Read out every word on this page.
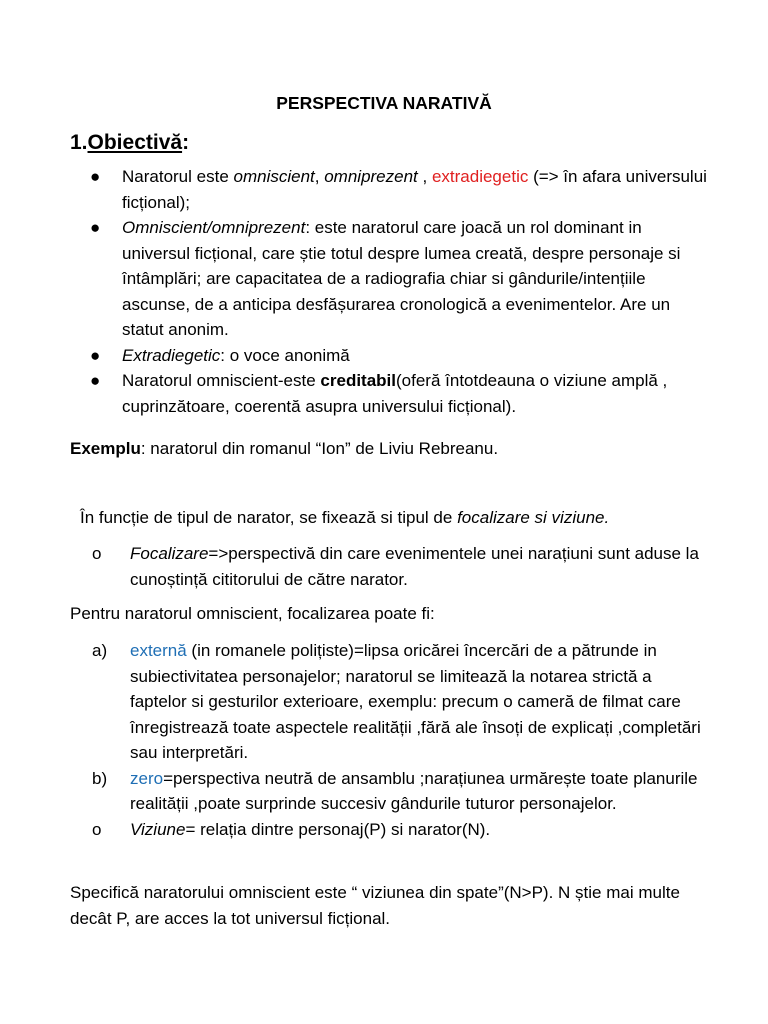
PERSPECTIVA NARATIVĂ
1.Obiectivă:
● Naratorul este omniscient, omniprezent , extradiegetic (=> în afara universului ficțional);
● Omniscient/omniprezent: este naratorul care joacă un rol dominant in universul ficțional, care știe totul despre lumea creată, despre personaje si întâmplări; are capacitatea de a radiografia chiar si gândurile/intențiile ascunse, de a anticipa desfășurarea cronologică a evenimentelor. Are un statut anonim.
● Extradiegetic: o voce anonimă
● Naratorul omniscient-este creditabil(oferă întotdeauna o viziune amplă , cuprinzătoare, coerentă asupra universului ficțional).
Exemplu: naratorul din romanul “Ion” de Liviu Rebreanu.
În funcție de tipul de narator, se fixează si tipul de focalizare si viziune.
o Focalizare=>perspectivă din care evenimentele unei narațiuni sunt aduse la cunoștință cititorului de către narator.
Pentru naratorul omniscient, focalizarea poate fi:
a) externă (in romanele polițiste)=lipsa oricărei încercări de a pătrunde in subiectivitatea personajelor; naratorul se limitează la notarea strictă a faptelor si gesturilor exterioare, exemplu: precum o cameră de filmat care înregistrează toate aspectele realității ,fără ale însoți de explicați ,completări sau interpretări.
b) zero=perspectiva neutră de ansamblu ;narațiunea urmărește toate planurile realității ,poate surprinde succesiv gândurile tuturor personajelor.
o Viziune= relația dintre personaj(P) si narator(N).
Specifică naratorului omniscient este “ viziunea din spate”(N>P). N știe mai multe decât P, are acces la tot universul ficțional.
